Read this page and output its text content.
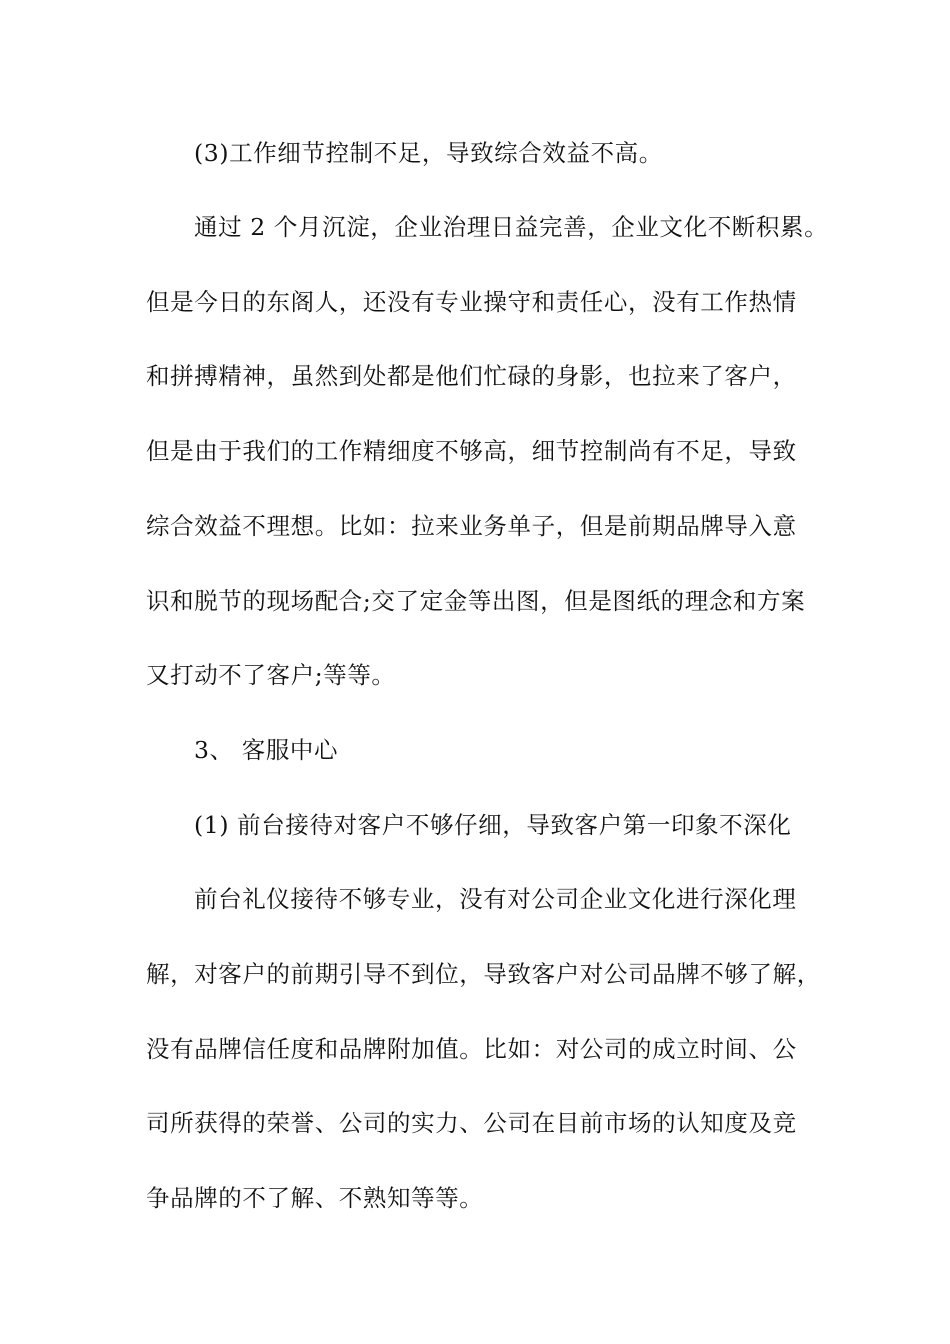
(3)工作细节控制不足，导致综合效益不高。
通过 2 个月沉淀，企业治理日益完善，企业文化不断积累。
但是今日的东阁人，还没有专业操守和责任心，没有工作热情
和拼搏精神，虽然到处都是他们忙碌的身影，也拉来了客户，
但是由于我们的工作精细度不够高，细节控制尚有不足，导致
综合效益不理想。比如：拉来业务单子，但是前期品牌导入意
识和脱节的现场配合;交了定金等出图，但是图纸的理念和方案
又打动不了客户;等等。
3、 客服中心
(1) 前台接待对客户不够仔细，导致客户第一印象不深化
前台礼仪接待不够专业，没有对公司企业文化进行深化理
解，对客户的前期引导不到位，导致客户对公司品牌不够了解，
没有品牌信任度和品牌附加值。比如：对公司的成立时间、公
司所获得的荣誉、公司的实力、公司在目前市场的认知度及竞
争品牌的不了解、不熟知等等。
